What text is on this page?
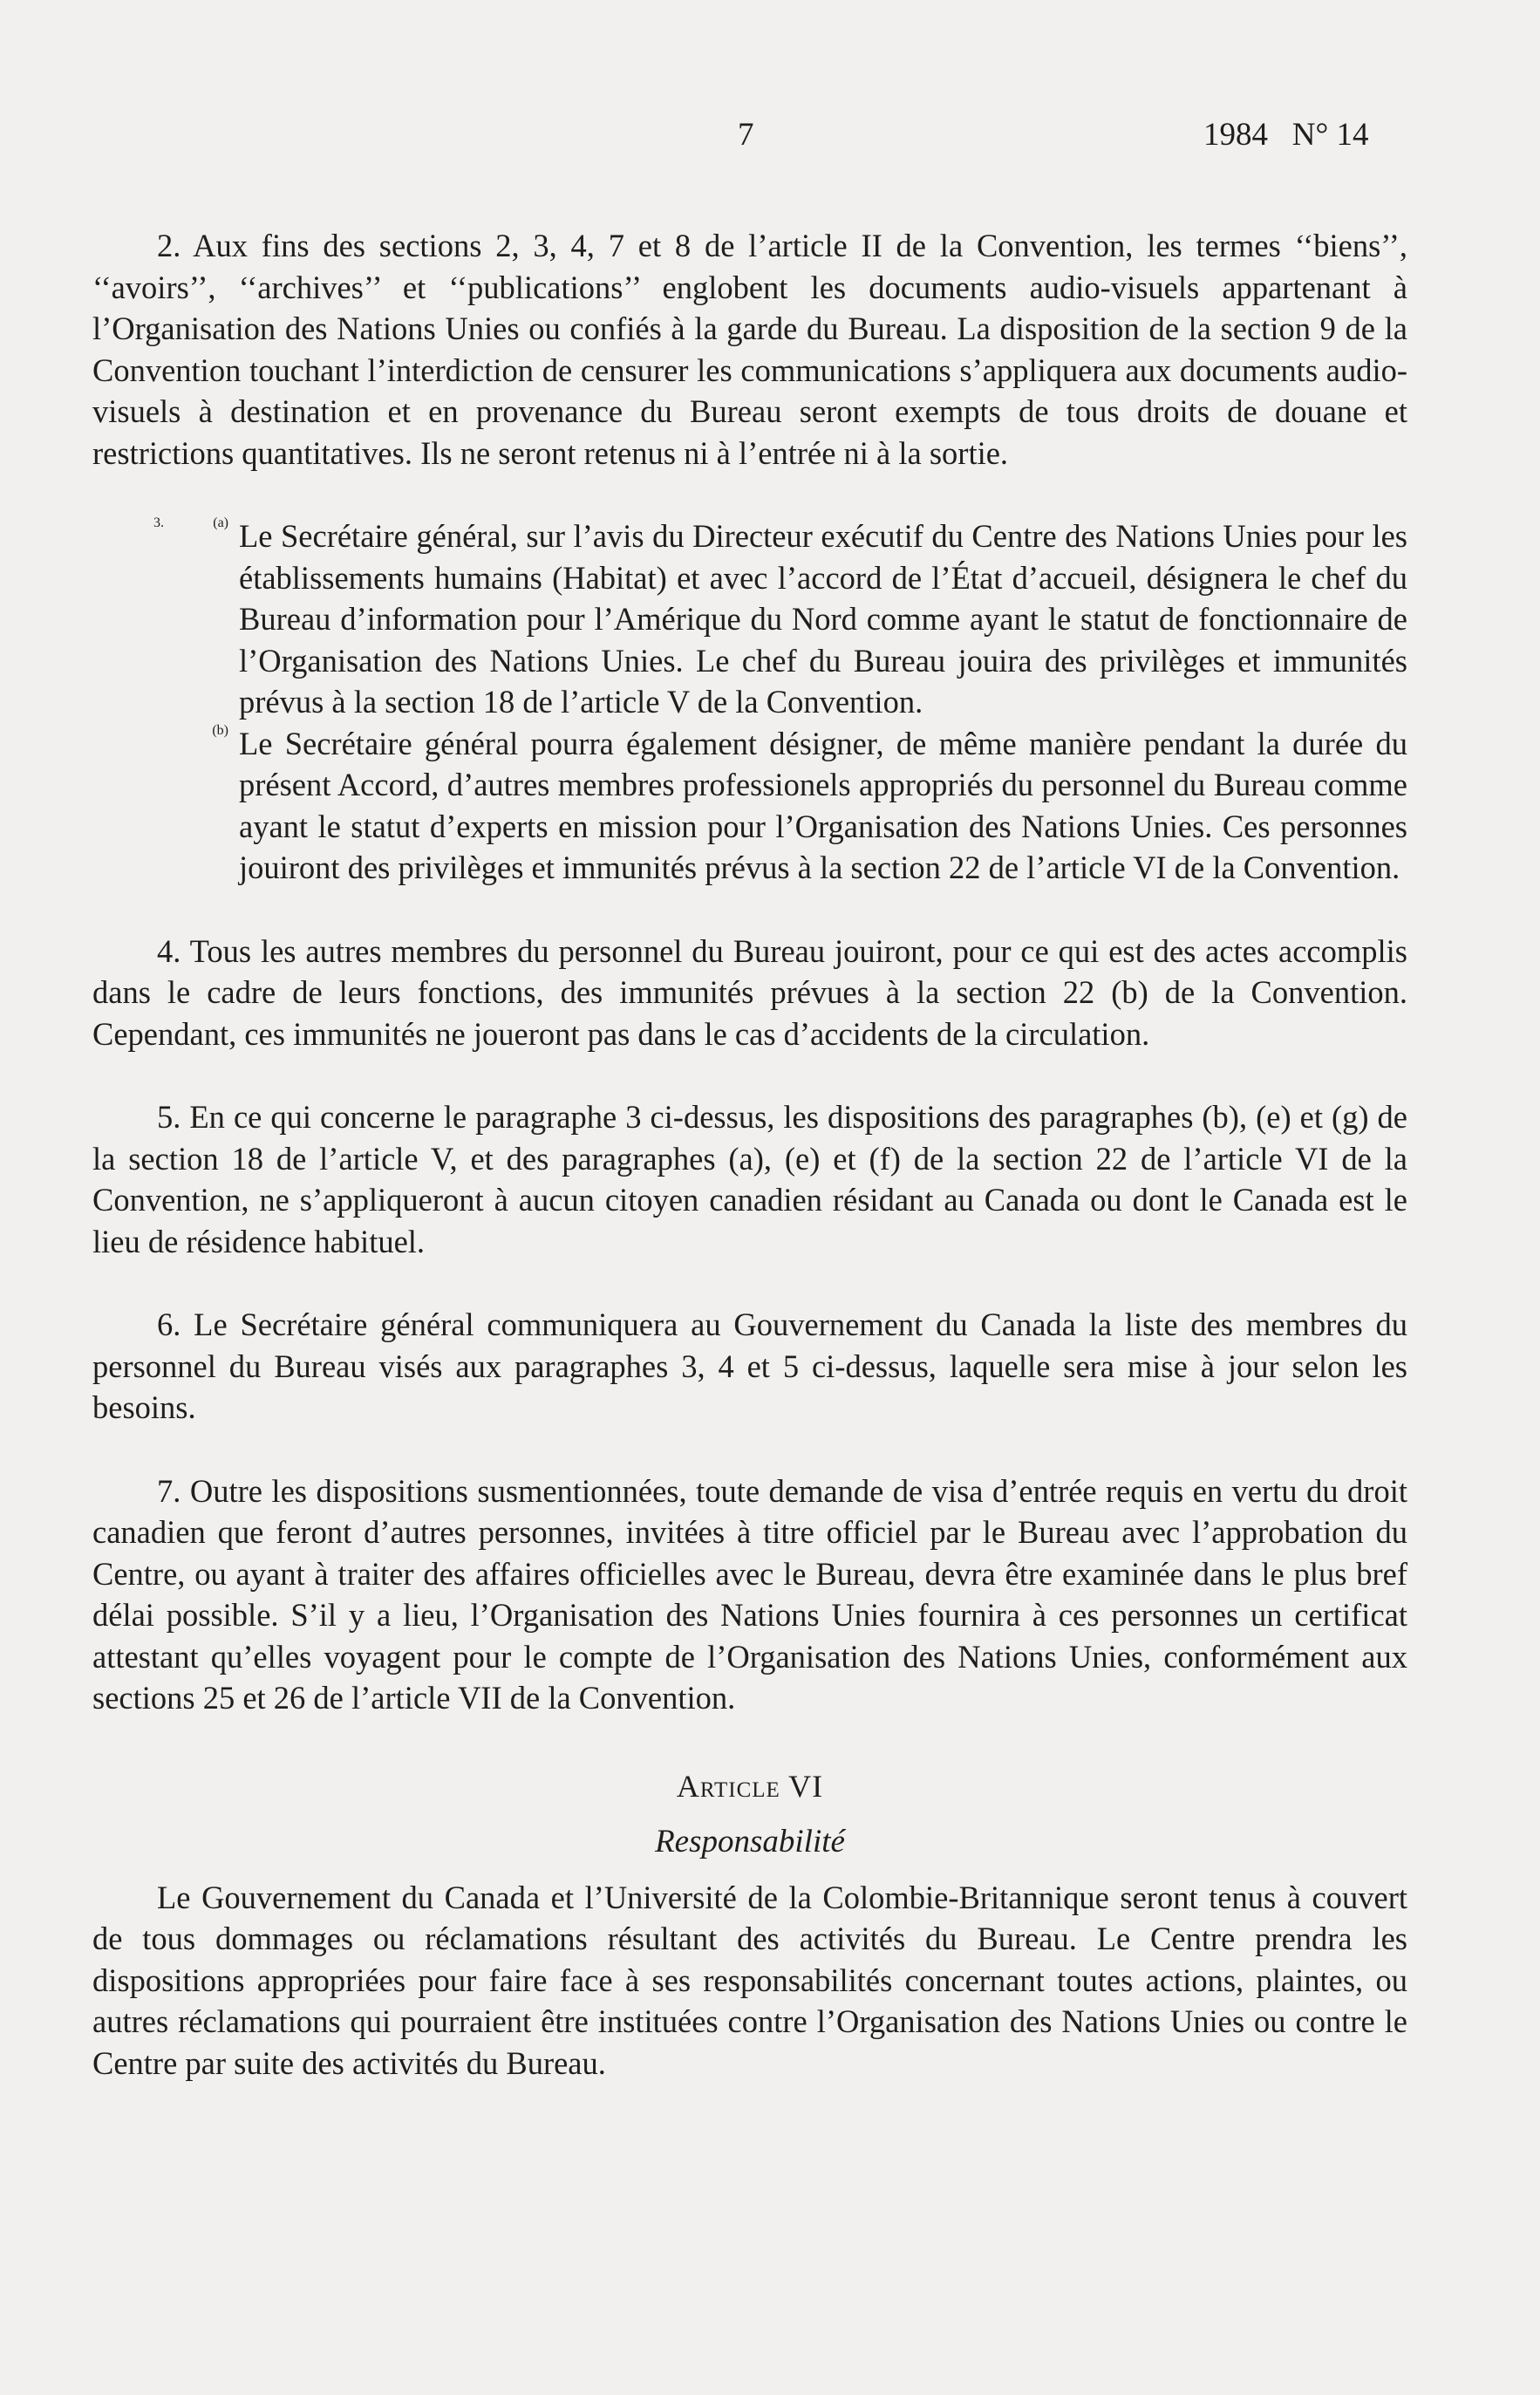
7	1984   N° 14

2. Aux fins des sections 2, 3, 4, 7 et 8 de l’article II de la Convention, les termes ‘‘biens’’, ‘‘avoirs’’, ‘‘archives’’ et ‘‘publications’’ englobent les documents audio-visuels appartenant à l’Organisation des Nations Unies ou confiés à la garde du Bureau. La disposition de la section 9 de la Convention touchant l’interdiction de censurer les communications s’appliquera aux documents audio-visuels à destination et en provenance du Bureau seront exempts de tous droits de douane et restrictions quantitatives. Ils ne seront retenus ni à l’entrée ni à la sortie.

3.	(a) Le Secrétaire général, sur l’avis du Directeur exécutif du Centre des Nations Unies pour les établissements humains (Habitat) et avec l’accord de l’État d’accueil, désignera le chef du Bureau d’information pour l’Amérique du Nord comme ayant le statut de fonctionnaire de l’Organisation des Nations Unies. Le chef du Bureau jouira des privilèges et immunités prévus à la section 18 de l’article V de la Convention.

(b) Le Secrétaire général pourra également désigner, de même manière pendant la durée du présent Accord, d’autres membres professionels appropriés du personnel du Bureau comme ayant le statut d’experts en mission pour l’Organisation des Nations Unies. Ces personnes jouiront des privilèges et immunités prévus à la section 22 de l’article VI de la Convention.

4. Tous les autres membres du personnel du Bureau jouiront, pour ce qui est des actes accomplis dans le cadre de leurs fonctions, des immunités prévues à la section 22 (b) de la Convention. Cependant, ces immunités ne joueront pas dans le cas d’accidents de la circulation.

5. En ce qui concerne le paragraphe 3 ci-dessus, les dispositions des paragraphes (b), (e) et (g) de la section 18 de l’article V, et des paragraphes (a), (e) et (f) de la section 22 de l’article VI de la Convention, ne s’appliqueront à aucun citoyen canadien résidant au Canada ou dont le Canada est le lieu de résidence habituel.

6. Le Secrétaire général communiquera au Gouvernement du Canada la liste des membres du personnel du Bureau visés aux paragraphes 3, 4 et 5 ci-dessus, laquelle sera mise à jour selon les besoins.

7. Outre les dispositions susmentionnées, toute demande de visa d’entrée requis en vertu du droit canadien que feront d’autres personnes, invitées à titre officiel par le Bureau avec l’approbation du Centre, ou ayant à traiter des affaires officielles avec le Bureau, devra être examinée dans le plus bref délai possible. S’il y a lieu, l’Organisation des Nations Unies fournira à ces personnes un certificat attestant qu’elles voyagent pour le compte de l’Organisation des Nations Unies, conformément aux sections 25 et 26 de l’article VII de la Convention.

Article VI

Responsabilité

Le Gouvernement du Canada et l’Université de la Colombie-Britannique seront tenus à couvert de tous dommages ou réclamations résultant des activités du Bureau. Le Centre prendra les dispositions appropriées pour faire face à ses responsabilités concernant toutes actions, plaintes, ou autres réclamations qui pourraient être instituées contre l’Organisation des Nations Unies ou contre le Centre par suite des activités du Bureau.
